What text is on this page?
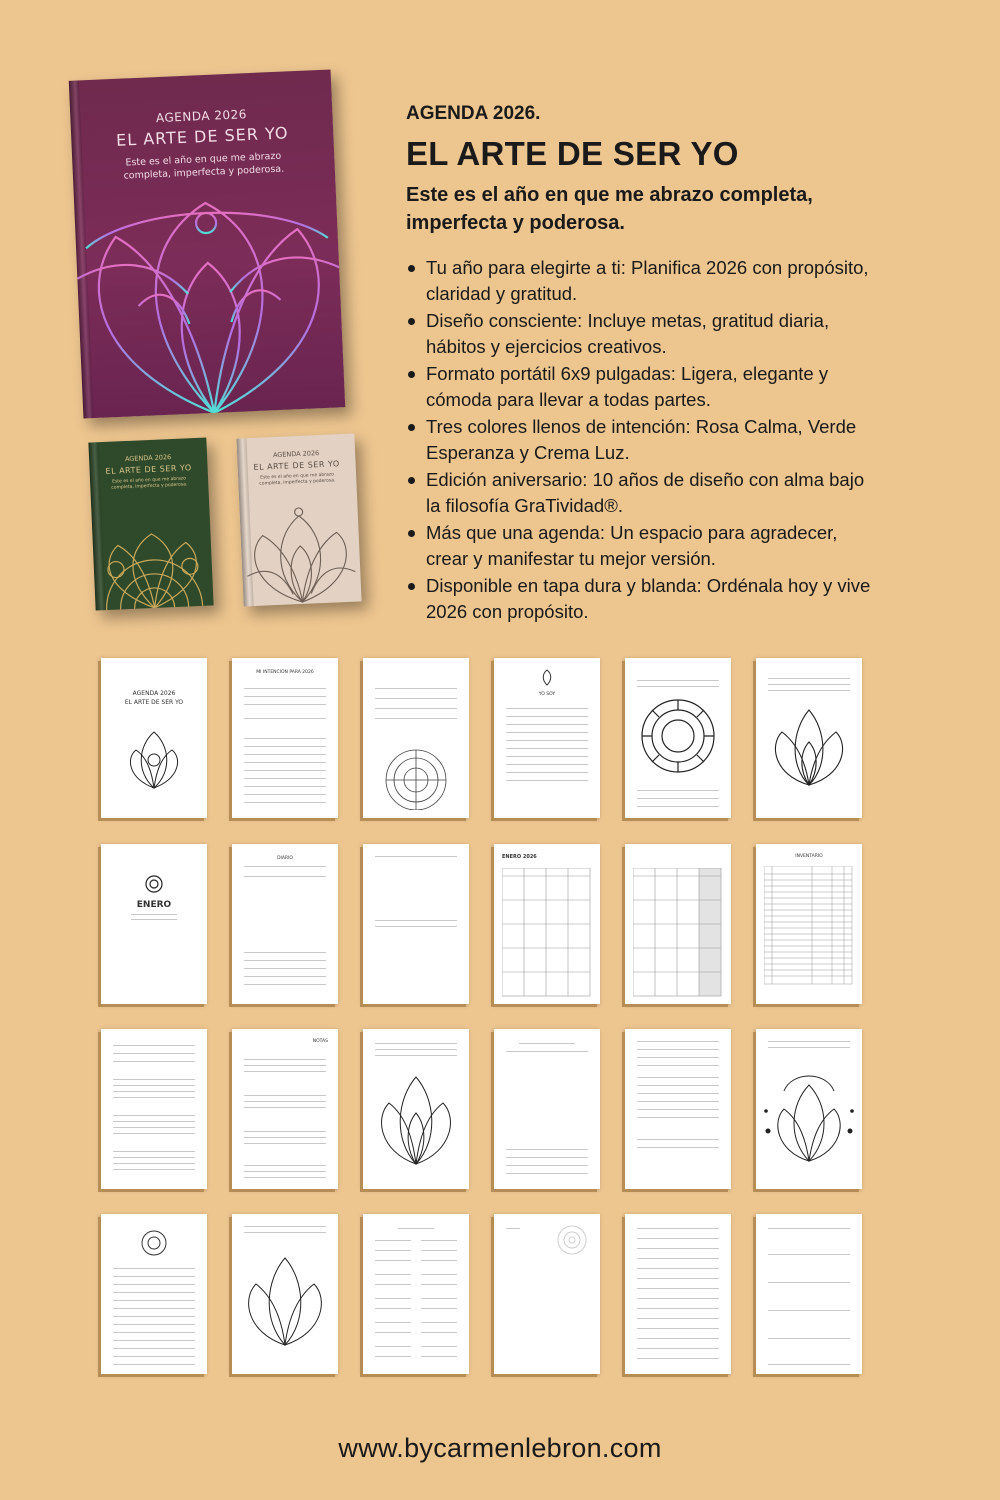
AGENDA 2026
EL ARTE DE SER YO
Este es el año en que me abrazo completa, imperfecta y poderosa.
AGENDA 2026
EL ARTE DE SER YO
Este es el año en que me abrazo completa, imperfecta y poderosa.
AGENDA 2026
EL ARTE DE SER YO
Este es el año en que me abrazo completa, imperfecta y poderosa.
AGENDA 2026.
EL ARTE DE SER YO
Este es el año en que me abrazo completa, imperfecta y poderosa.
Tu año para elegirte a ti: Planifica 2026 con propósito, claridad y gratitud.
Diseño consciente: Incluye metas, gratitud diaria, hábitos y ejercicios creativos.
Formato portátil 6x9 pulgadas: Ligera, elegante y cómoda para llevar a todas partes.
Tres colores llenos de intención: Rosa Calma, Verde Esperanza y Crema Luz.
Edición aniversario: 10 años de diseño con alma bajo la filosofía GraTividad®.
Más que una agenda: Un espacio para agradecer, crear y manifestar tu mejor versión.
Disponible en tapa dura y blanda: Ordénala hoy y vive 2026 con propósito.
AGENDA 2026
EL ARTE DE SER YO
MI INTENCIÓN PARA 2026
YO SOY
ENERO
DIARIO	ENERO 2026	INVENTARIO
NOTAS
www.bycarmenlebron.com
